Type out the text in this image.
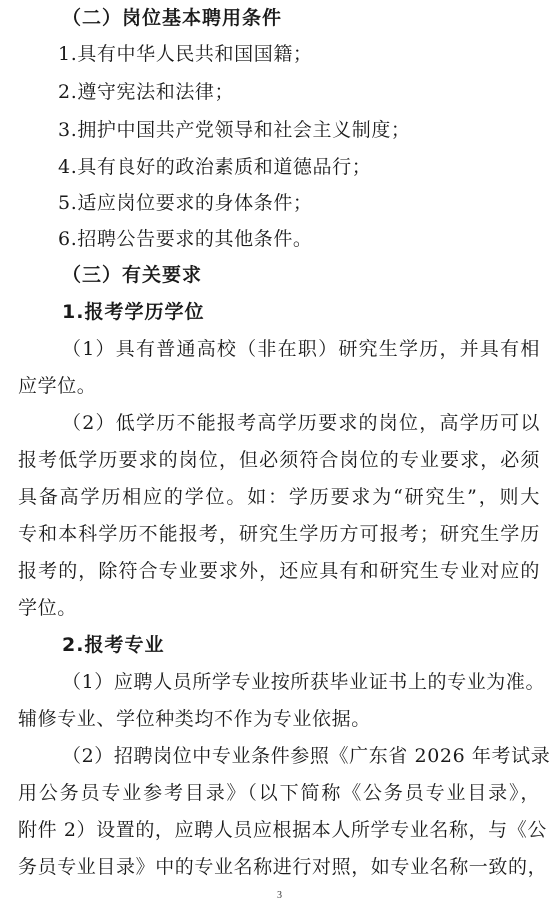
（二）岗位基本聘用条件
1.具有中华人民共和国国籍；
2.遵守宪法和法律；
3.拥护中国共产党领导和社会主义制度；
4.具有良好的政治素质和道德品行；
5.适应岗位要求的身体条件；
6.招聘公告要求的其他条件。
（三）有关要求
1.报考学历学位
（1）具有普通高校（非在职）研究生学历，并具有相
应学位。
（2）低学历不能报考高学历要求的岗位，高学历可以
报考低学历要求的岗位，但必须符合岗位的专业要求，必须
具备高学历相应的学位。如：学历要求为“研究生”，则大
专和本科学历不能报考，研究生学历方可报考；研究生学历
报考的，除符合专业要求外，还应具有和研究生专业对应的
学位。
2.报考专业
（1）应聘人员所学专业按所获毕业证书上的专业为准。
辅修专业、学位种类均不作为专业依据。
（2）招聘岗位中专业条件参照《广东省 2026 年考试录
用公务员专业参考目录》（以下简称《公务员专业目录》，
附件 2）设置的，应聘人员应根据本人所学专业名称，与《公
务员专业目录》中的专业名称进行对照，如专业名称一致的，
3
